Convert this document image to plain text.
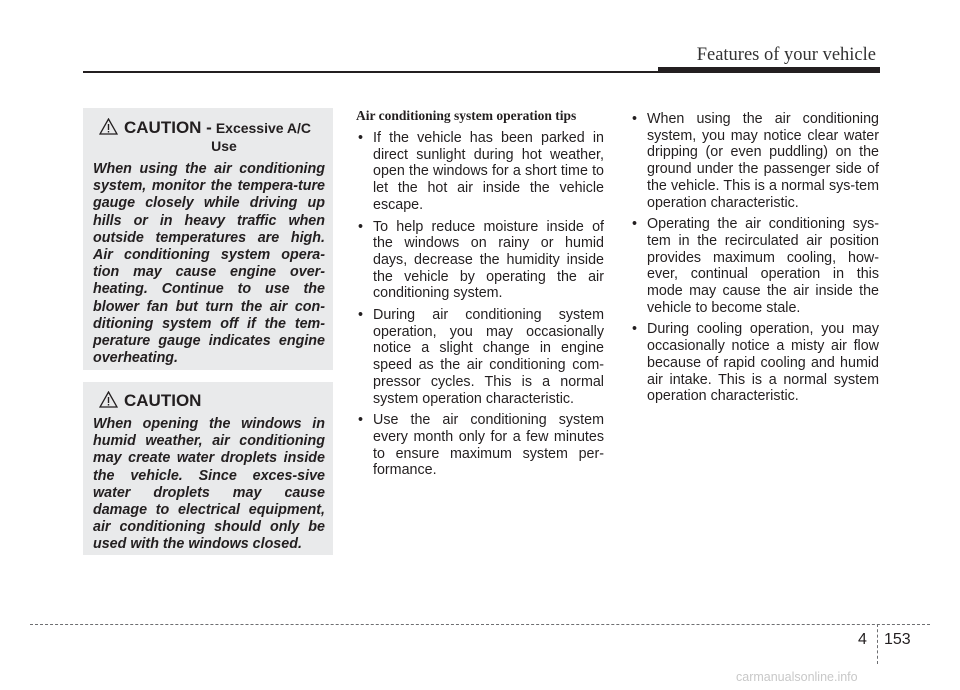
Features of your vehicle
CAUTION - Excessive A/C
Use
When using the air conditioning system, monitor the tempera-ture gauge closely while driving up hills or in heavy traffic when outside temperatures are high. Air conditioning system opera-tion may cause engine over-heating. Continue to use the blower fan but turn the air con-ditioning system off if the tem-perature gauge indicates engine overheating.
CAUTION
When opening the windows in humid weather, air conditioning may create water droplets inside the vehicle. Since exces-sive water droplets may cause damage to electrical equipment, air conditioning should only be used with the windows closed.
Air conditioning system operation tips
• If the vehicle has been parked in direct sunlight during hot weather, open the windows for a short time to let the hot air inside the vehicle escape.
• To help reduce moisture inside of the windows on rainy or humid days, decrease the humidity inside the vehicle by operating the air conditioning system.
• During air conditioning system operation, you may occasionally notice a slight change in engine speed as the air conditioning com-pressor cycles. This is a normal system operation characteristic.
• Use the air conditioning system every month only for a few minutes to ensure maximum system per-formance.
• When using the air conditioning system, you may notice clear water dripping (or even puddling) on the ground under the passenger side of the vehicle. This is a normal sys-tem operation characteristic.
• Operating the air conditioning sys-tem in the recirculated air position provides maximum cooling, how-ever, continual operation in this mode may cause the air inside the vehicle to become stale.
• During cooling operation, you may occasionally notice a misty air flow because of rapid cooling and humid air intake. This is a normal system operation characteristic.
4 153
carmanualsonline.info
